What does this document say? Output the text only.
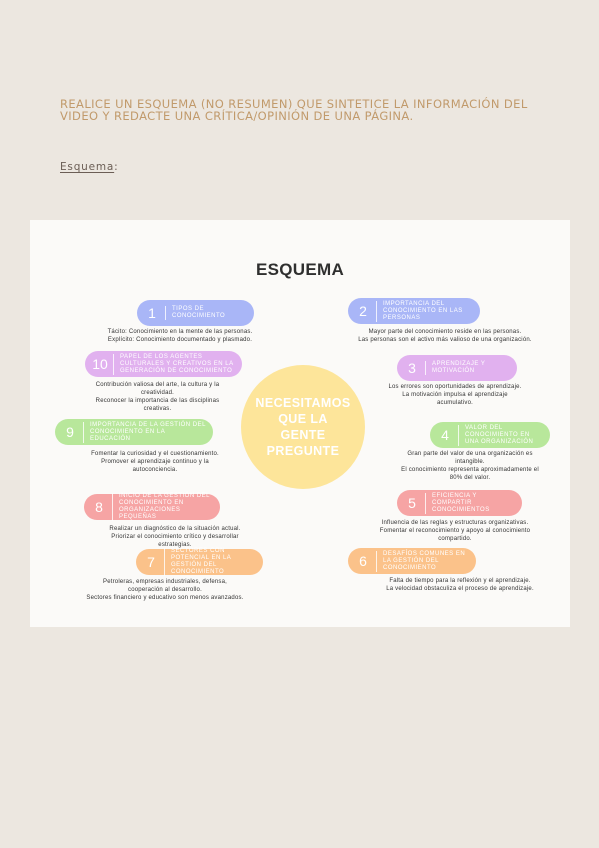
REALICE UN ESQUEMA (NO RESUMEN) QUE SINTETICE LA INFORMACIÓN DEL VIDEO Y REDACTE UNA CRÍTICA/OPINIÓN DE UNA PÁGINA.
Esquema:
ESQUEMA
NECESITAMOS QUE LA GENTE PREGUNTE
1	TIPOS DE CONOCIMIENTO
Tácito: Conocimiento en la mente de las personas.
Explícito: Conocimiento documentado y plasmado.
2	IMPORTANCIA DEL CONOCIMIENTO EN LAS PERSONAS
Mayor parte del conocimiento reside en las personas.
Las personas son el activo más valioso de una organización.
10	PAPEL DE LOS AGENTES CULTURALES Y CREATIVOS EN LA GENERACIÓN DE CONOCIMIENTO
Contribución valiosa del arte, la cultura y la
creatividad.
Reconocer la importancia de las disciplinas
creativas.
3	APRENDIZAJE Y MOTIVACIÓN
Los errores son oportunidades de aprendizaje.
La motivación impulsa el aprendizaje
acumulativo.
9	IMPORTANCIA DE LA GESTIÓN DEL CONOCIMIENTO EN LA EDUCACIÓN
Fomentar la curiosidad y el cuestionamiento.
Promover el aprendizaje continuo y la
autoconciencia.
4	VALOR DEL CONOCIMIENTO EN UNA ORGANIZACIÓN
Gran parte del valor de una organización es
intangible.
El conocimiento representa aproximadamente el
80% del valor.
8
INICIO DE LA GESTIÓN DEL CONOCIMIENTO EN ORGANIZACIONES PEQUEÑAS
Realizar un diagnóstico de la situación actual.
Priorizar el conocimiento crítico y desarrollar
estrategias.
5	EFICIENCIA Y COMPARTIR CONOCIMIENTOS
Influencia de las reglas y estructuras organizativas.
Fomentar el reconocimiento y apoyo al conocimiento
compartido.
7
SECTORES CON POTENCIAL EN LA GESTIÓN DEL CONOCIMIENTO
Petroleras, empresas industriales, defensa,
cooperación al desarrollo.
Sectores financiero y educativo son menos avanzados.
6	DESAFÍOS COMUNES EN LA GESTIÓN DEL CONOCIMIENTO
Falta de tiempo para la reflexión y el aprendizaje.
La velocidad obstaculiza el proceso de aprendizaje.
